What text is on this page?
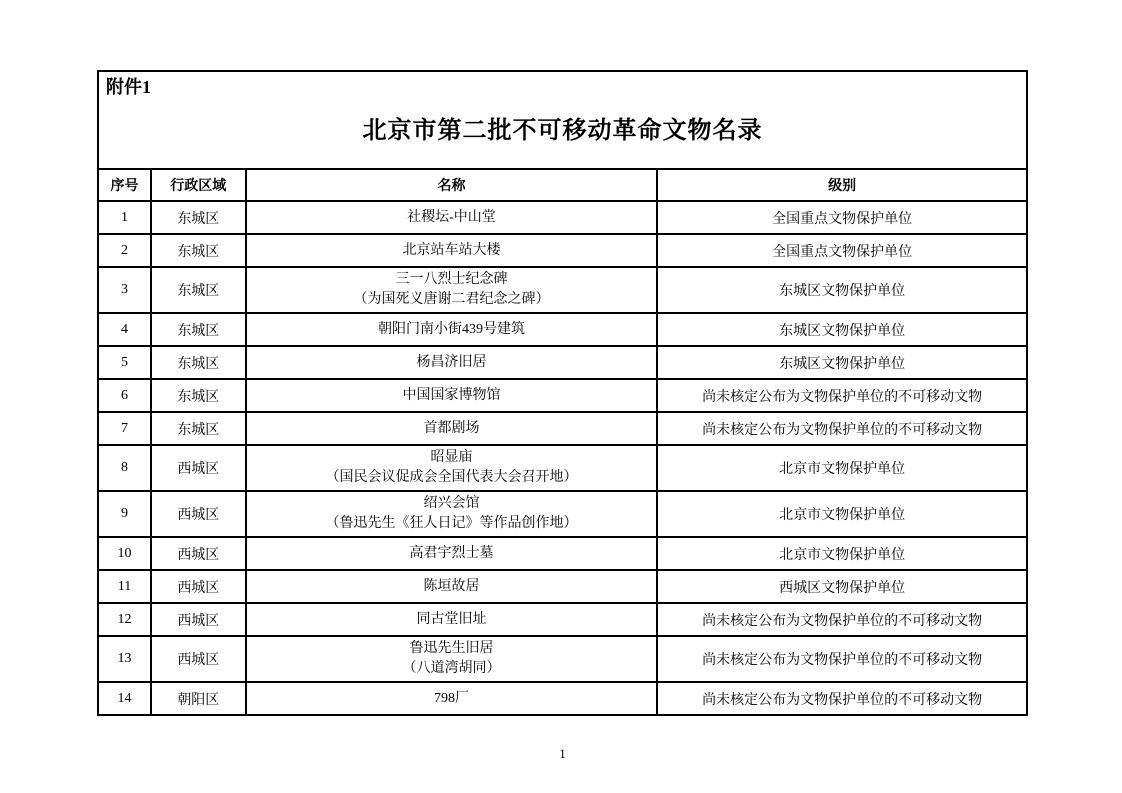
附件1
北京市第二批不可移动革命文物名录
序号	行政区域	名称	级别
1	东城区	社稷坛-中山堂	全国重点文物保护单位
2	东城区	北京站车站大楼	全国重点文物保护单位
3	东城区	三一八烈士纪念碑
（为国死义唐谢二君纪念之碑）	东城区文物保护单位
4	东城区	朝阳门南小街439号建筑	东城区文物保护单位
5	东城区	杨昌济旧居	东城区文物保护单位
6	东城区	中国国家博物馆	尚未核定公布为文物保护单位的不可移动文物
7	东城区	首都剧场	尚未核定公布为文物保护单位的不可移动文物
8	西城区	昭显庙
（国民会议促成会全国代表大会召开地）	北京市文物保护单位
9	西城区	绍兴会馆
（鲁迅先生《狂人日记》等作品创作地）	北京市文物保护单位
10	西城区	高君宇烈士墓	北京市文物保护单位
11	西城区	陈垣故居	西城区文物保护单位
12	西城区	同古堂旧址	尚未核定公布为文物保护单位的不可移动文物
13	西城区	鲁迅先生旧居
（八道湾胡同）	尚未核定公布为文物保护单位的不可移动文物
14	朝阳区	798厂	尚未核定公布为文物保护单位的不可移动文物
1
